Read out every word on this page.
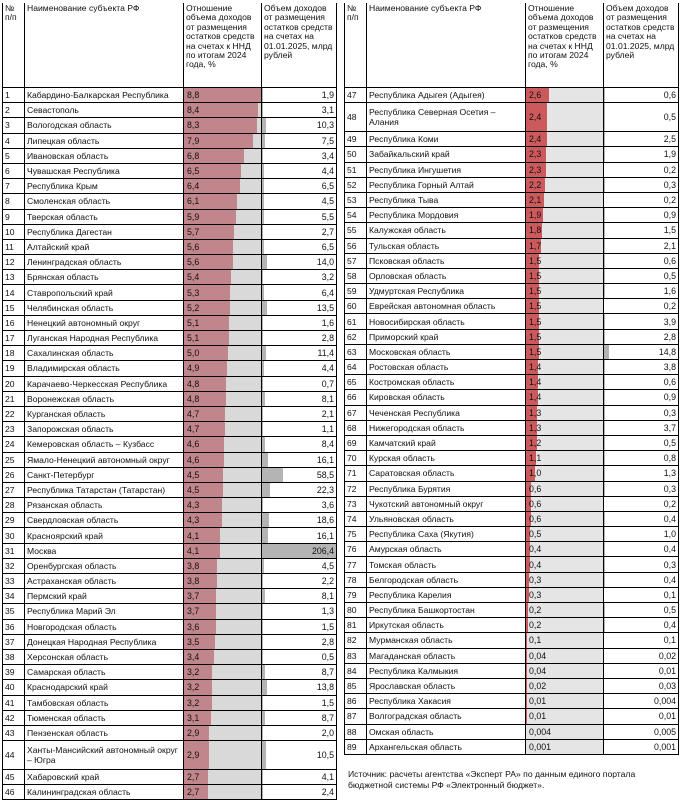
№ п/п	Наименование субъекта РФ	Отношение объема доходов от размещения остатков средств на счетах к ННД по итогам 2024 года, %	Объем доходов от размещения остатков средств на счетах на 01.01.2025, млрд рублей
1	Кабардино-Балкарская Республика	8,8	1,9
2	Севастополь	8,4	3,1
3	Вологодская область	8,3	10,3
4	Липецкая область	7,9	7,5
5	Ивановская область	6,8	3,4
6	Чувашская Республика	6,5	4,4
7	Республика Крым	6,4	6,5
8	Смоленская область	6,1	4,5
9	Тверская область	5,9	5,5
10	Республика Дагестан	5,7	2,7
11	Алтайский край	5,6	6,5
12	Ленинградская область	5,6	14,0
13	Брянская область	5,4	3,2
14	Ставропольский край	5,3	6,4
15	Челябинская область	5,2	13,5
16	Ненецкий автономный округ	5,1	1,6
17	Луганская Народная Республика	5,1	2,8
18	Сахалинская область	5,0	11,4
19	Владимирская область	4,9	4,4
20	Карачаево-Черкесская Республика	4,8	0,7
21	Воронежская область	4,8	8,1
22	Курганская область	4,7	2,1
23	Запорожская область	4,7	1,1
24	Кемеровская область – Кузбасс	4,6	8,4
25	Ямало-Ненецкий автономный округ	4,6	16,1
26	Санкт-Петербург	4,5	58,5
27	Республика Татарстан (Татарстан)	4,5	22,3
28	Рязанская область	4,3	3,6
29	Свердловская область	4,3	18,6
30	Красноярский край	4,1	16,1
31	Москва	4,1	206,4
32	Оренбургская область	3,8	4,5
33	Астраханская область	3,8	2,2
34	Пермский край	3,7	8,1
35	Республика Марий Эл	3,7	1,3
36	Новгородская область	3,6	1,5
37	Донецкая Народная Республика	3,5	2,8
38	Херсонская область	3,4	0,5
39	Самарская область	3,2	8,7
40	Краснодарский край	3,2	13,8
41	Тамбовская область	3,2	1,5
42	Тюменская область	3,1	8,7
43	Пензенская область	2,9	2,0
44	Ханты-Мансийский автономный округ – Югра	2,9	10,5
45	Хабаровский край	2,7	4,1
46	Калининградская область	2,7	2,4
№ п/п	Наименование субъекта РФ	Отношение объема доходов от размещения остатков средств на счетах к ННД по итогам 2024 года, %	Объем доходов от размещения остатков средств на счетах на 01.01.2025, млрд рублей
47	Республика Адыгея (Адыгея)	2,6	0,6
48	Республика Северная Осетия – Алания	2,4	0,5
49	Республика Коми	2,4	2,5
50	Забайкальский край	2,3	1,9
51	Республика Ингушетия	2,3	0,2
52	Республика Горный Алтай	2,2	0,3
53	Республика Тыва	2,1	0,2
54	Республика Мордовия	1,9	0,9
55	Калужская область	1,8	1,5
56	Тульская область	1,7	2,1
57	Псковская область	1,5	0,6
58	Орловская область	1,5	0,5
59	Удмуртская Республика	1,5	1,6
60	Еврейская автономная область	1,5	0,2
61	Новосибирская область	1,5	3,9
62	Приморский край	1,5	2,8
63	Московская область	1,5	14,8
64	Ростовская область	1,4	3,8
65	Костромская область	1,4	0,6
66	Кировская область	1,4	0,9
67	Чеченская Республика	1,3	0,3
68	Нижегородская область	1,3	3,7
69	Камчатский край	1,2	0,5
70	Курская область	1,1	0,8
71	Саратовская область	1,0	1,3
72	Республика Бурятия	0,6	0,3
73	Чукотский автономный округ	0,6	0,2
74	Ульяновская область	0,6	0,4
75	Республика Саха (Якутия)	0,5	1,0
76	Амурская область	0,4	0,4
77	Томская область	0,4	0,3
78	Белгородская область	0,3	0,4
79	Республика Карелия	0,3	0,1
80	Республика Башкортостан	0,2	0,5
81	Иркутская область	0,2	0,4
82	Мурманская область	0,1	0,1
83	Магаданская область	0,04	0,02
84	Республика Калмыкия	0,04	0,01
85	Ярославская область	0,02	0,03
86	Республика Хакасия	0,01	0,004
87	Волгоградская область	0,01	0,01
88	Омская область	0,004	0,005
89	Архангельская область	0,001	0,001
Источник: расчеты агентства «Эксперт РА» по данным единого портала бюджетной системы РФ «Электронный бюджет».
